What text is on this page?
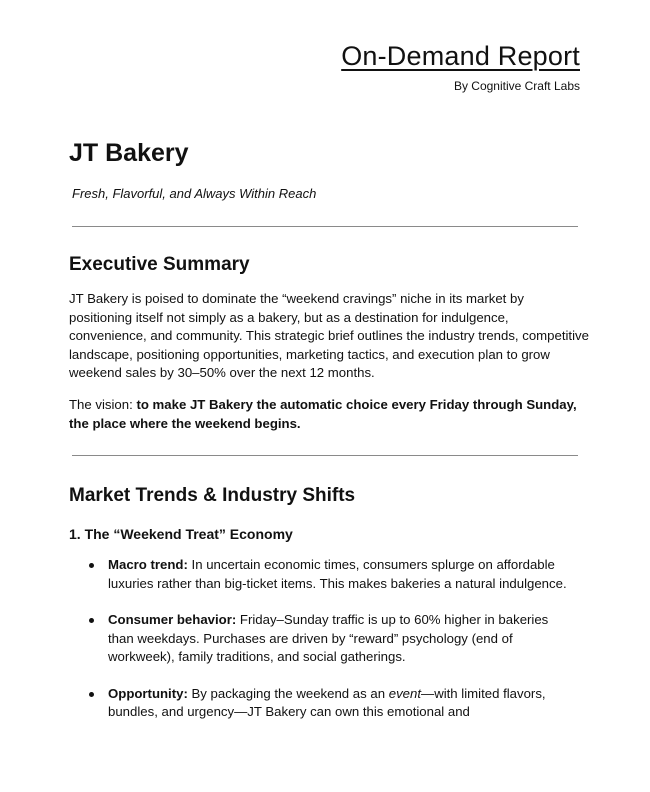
On-Demand Report
By Cognitive Craft Labs
JT Bakery
Fresh, Flavorful, and Always Within Reach
Executive Summary

JT Bakery is poised to dominate the “weekend cravings” niche in its market by positioning itself not simply as a bakery, but as a destination for indulgence, convenience, and community. This strategic brief outlines the industry trends, competitive landscape, positioning opportunities, marketing tactics, and execution plan to grow weekend sales by 30–50% over the next 12 months.

The vision: to make JT Bakery the automatic choice every Friday through Sunday, the place where the weekend begins.

Market Trends & Industry Shifts
1. The “Weekend Treat” Economy
Macro trend: In uncertain economic times, consumers splurge on affordable luxuries rather than big-ticket items. This makes bakeries a natural indulgence.
Consumer behavior: Friday–Sunday traffic is up to 60% higher in bakeries than weekdays. Purchases are driven by “reward” psychology (end of workweek), family traditions, and social gatherings.
Opportunity: By packaging the weekend as an event—with limited flavors, bundles, and urgency—JT Bakery can own this emotional and
